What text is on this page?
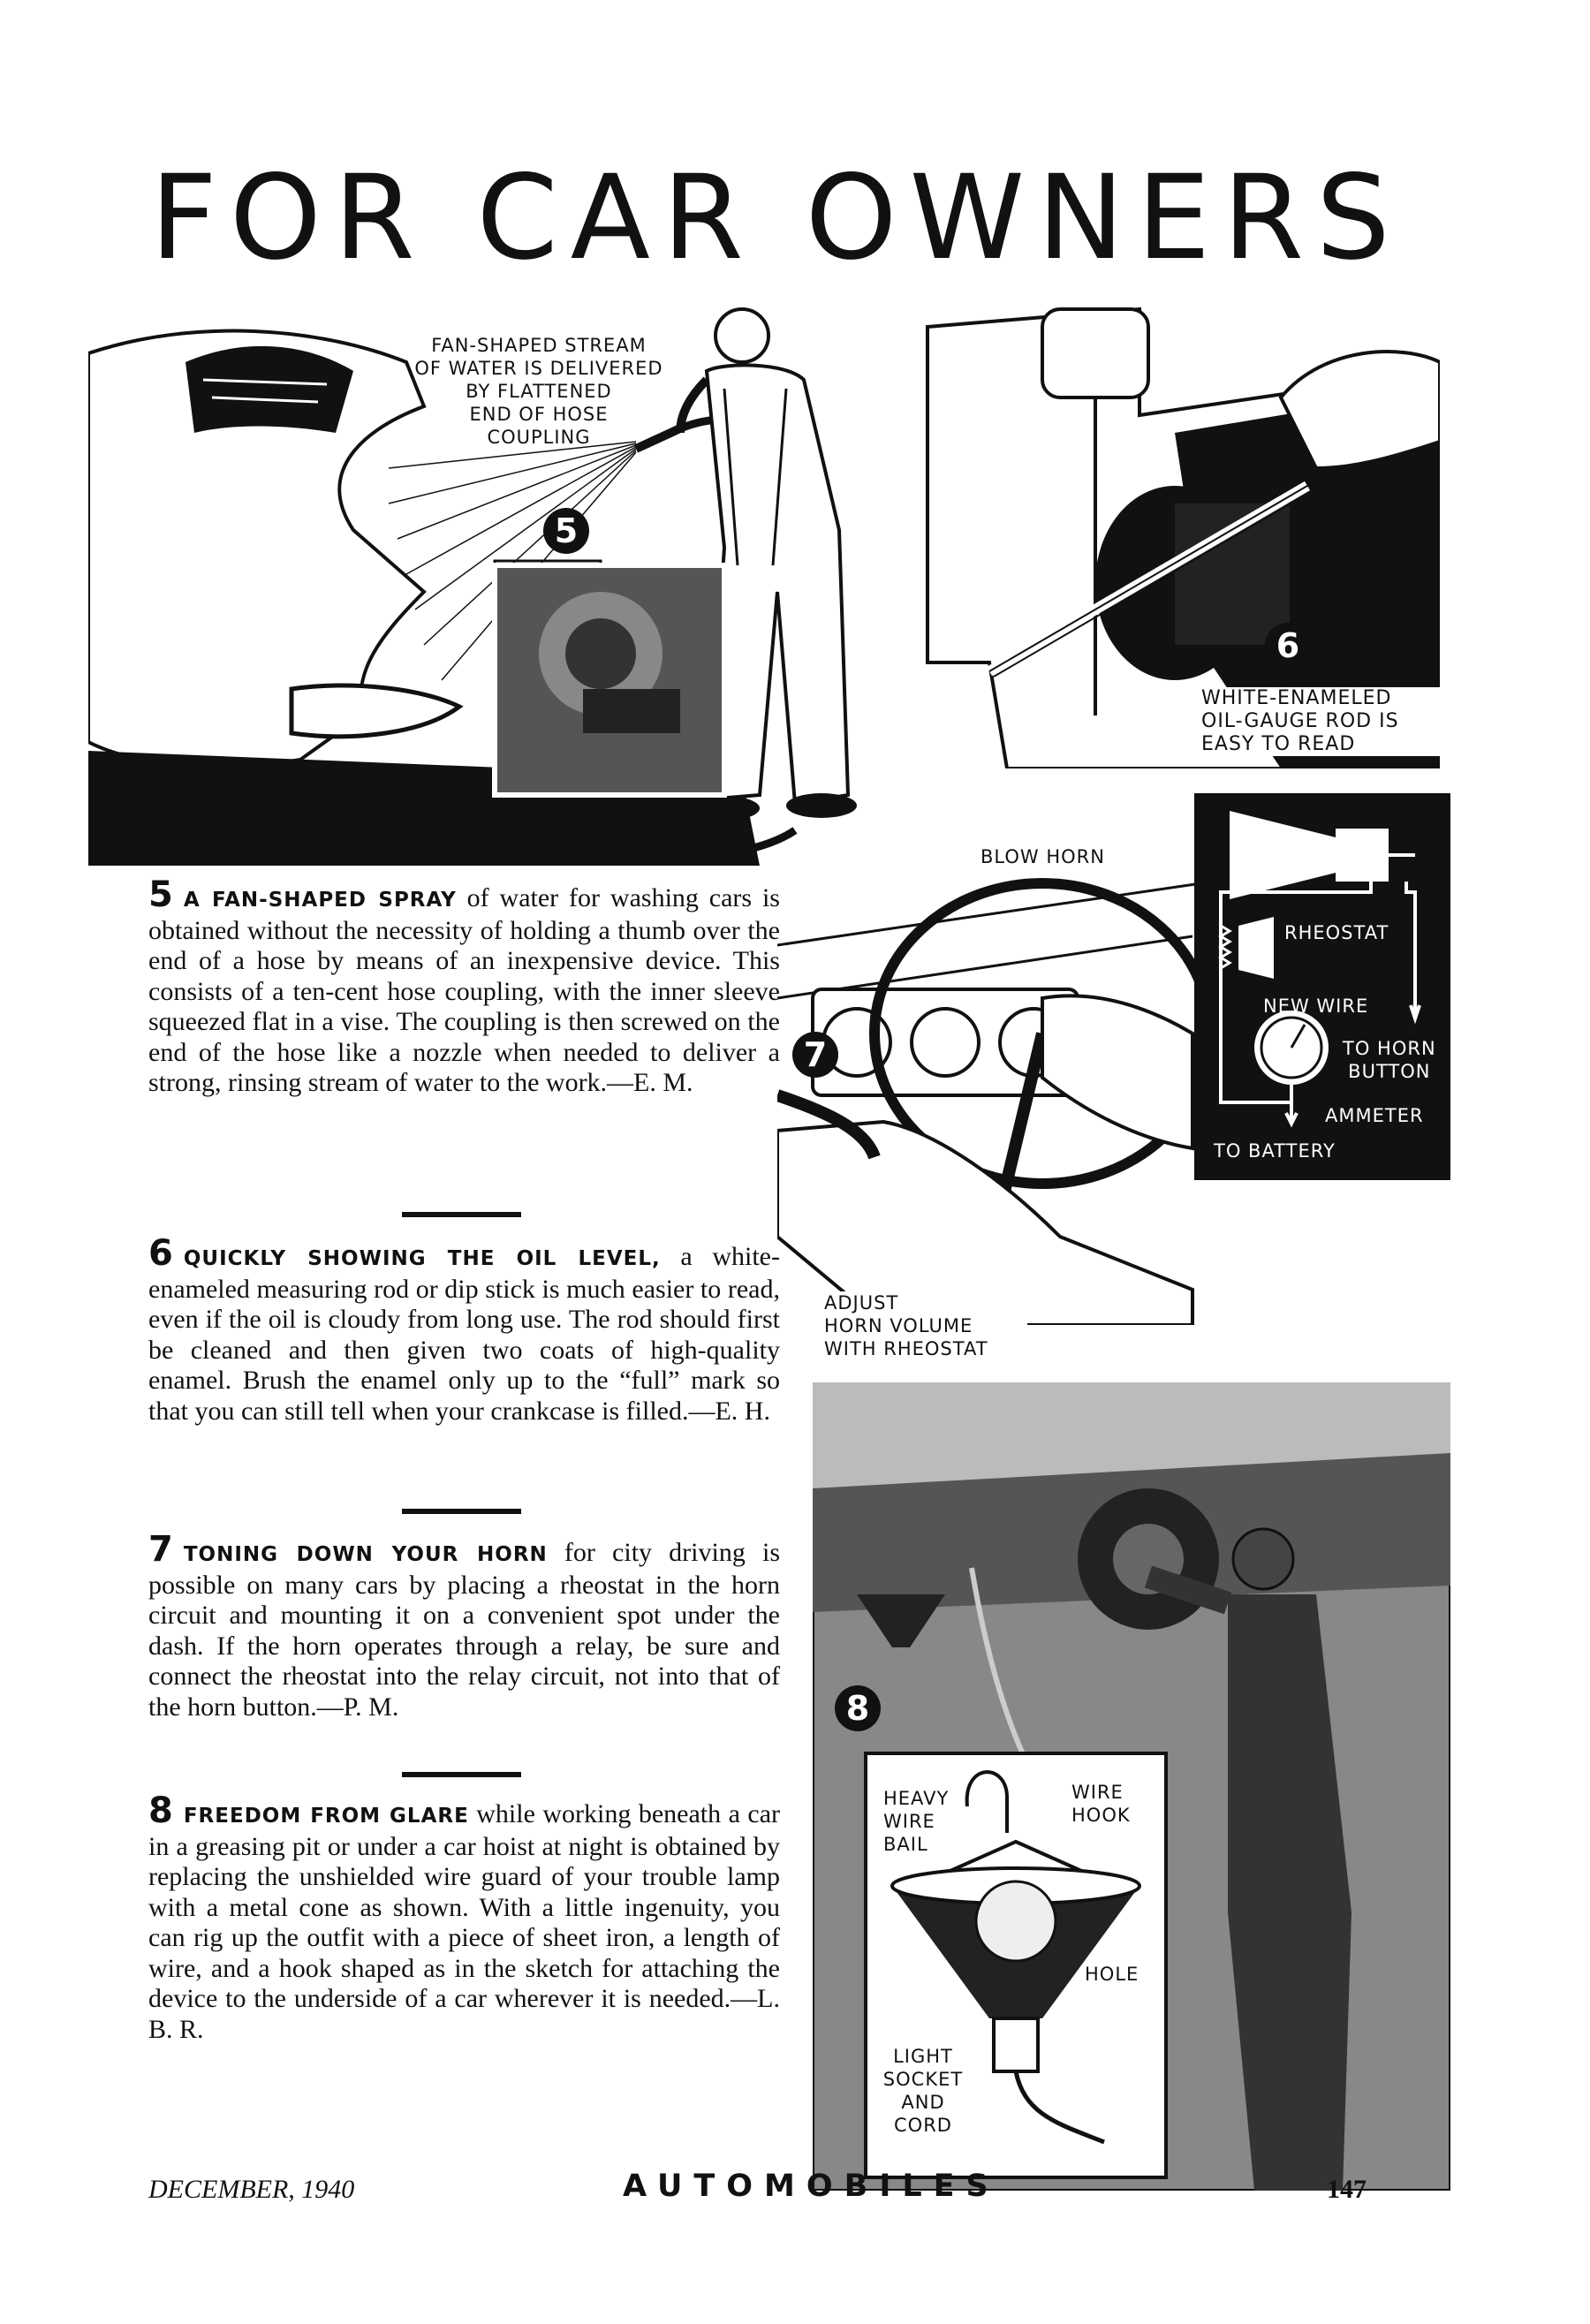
FOR CAR OWNERS
5
FAN-SHAPED STREAM
OF WATER IS DELIVERED
BY FLATTENED
END OF HOSE
COUPLING
6
WHITE-ENAMELED
OIL-GAUGE ROD IS
EASY TO READ
7
BLOW HORN
ADJUST
HORN VOLUME
WITH RHEOSTAT
RHEOSTAT
NEW WIRE
TO HORN
BUTTON
AMMETER
TO BATTERY
8
HEAVY
WIRE
BAIL
WIRE
HOOK
HOLE
LIGHT
SOCKET
AND
CORD
5 A FAN-SHAPED SPRAY of water for washing cars is obtained without the necessity of holding a thumb over the end of a hose by means of an inexpensive device. This consists of a ten-cent hose coupling, with the inner sleeve squeezed flat in a vise. The coupling is then screwed on the end of the hose like a nozzle when needed to deliver a strong, rinsing stream of water to the work.—E. M.
6 QUICKLY SHOWING THE OIL LEVEL, a white-enameled measuring rod or dip stick is much easier to read, even if the oil is cloudy from long use. The rod should first be cleaned and then given two coats of high-quality enamel. Brush the enamel only up to the “full” mark so that you can still tell when your crankcase is filled.—E. H.
7 TONING DOWN YOUR HORN for city driving is possible on many cars by placing a rheostat in the horn circuit and mounting it on a convenient spot under the dash. If the horn operates through a relay, be sure and connect the rheostat into the relay circuit, not into that of the horn button.—P. M.
8 FREEDOM FROM GLARE while working beneath a car in a greasing pit or under a car hoist at night is obtained by replacing the unshielded wire guard of your trouble lamp with a metal cone as shown. With a little ingenuity, you can rig up the outfit with a piece of sheet iron, a length of wire, and a hook shaped as in the sketch for attaching the device to the underside of a car wherever it is needed.—L. B. R.
DECEMBER, 1940	AUTOMOBILES	147
